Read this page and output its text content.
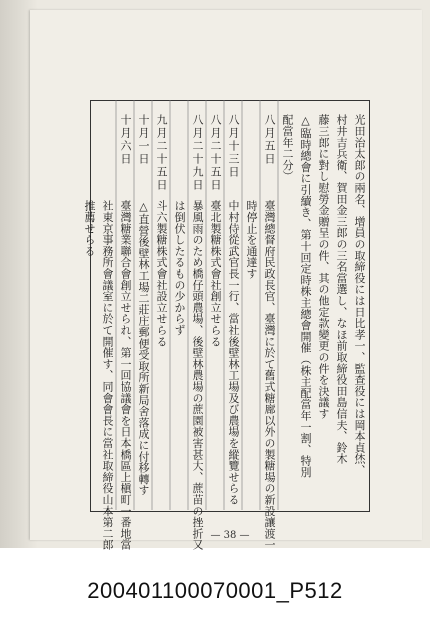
光田治太郎の兩名、增員の取締役には日比孝一、監查役には岡本貞烋、
村井吉兵衛、賀田金三郎の三名當選し、なほ前取締役田島信夫、鈴木
藤三郎に對し慰勞金贈呈の件、其の他定款變更の件を決議す
△臨時總會に引續き、第十回定時株主總會開催（株主配當年一割、特別
配當年二分）
臺灣總督府民政長官、臺灣に於て舊式糖廍以外の製糖場の新設讓渡一
時停止を通達す
中村侍從武官長一行、當社後壁林工場及び農場を縱覽せらる
臺北製糖株式會社創立せらる
暴風雨のため橋仔頭農場、後壁林農場の蔗園被害甚大、蔗苗の挫折又
は倒伏したるもの少からず
斗六製糖株式會社設立せらる
△直營後壁林工場二莊庄郵便受取所新局舍落成に付移轉す
臺灣糖業聯合會創立せられ、第一回協議會を日本橋區上槇町一番地當
社東京事務所會議室に於て開催す、同會會長に當社取締役山本第二郎
推薦せらる
八月五日
八月十三日
八月二十五日
八月二十九日
九月二十五日
十月一日
十月六日
— 38 —
200401100070001_P512
